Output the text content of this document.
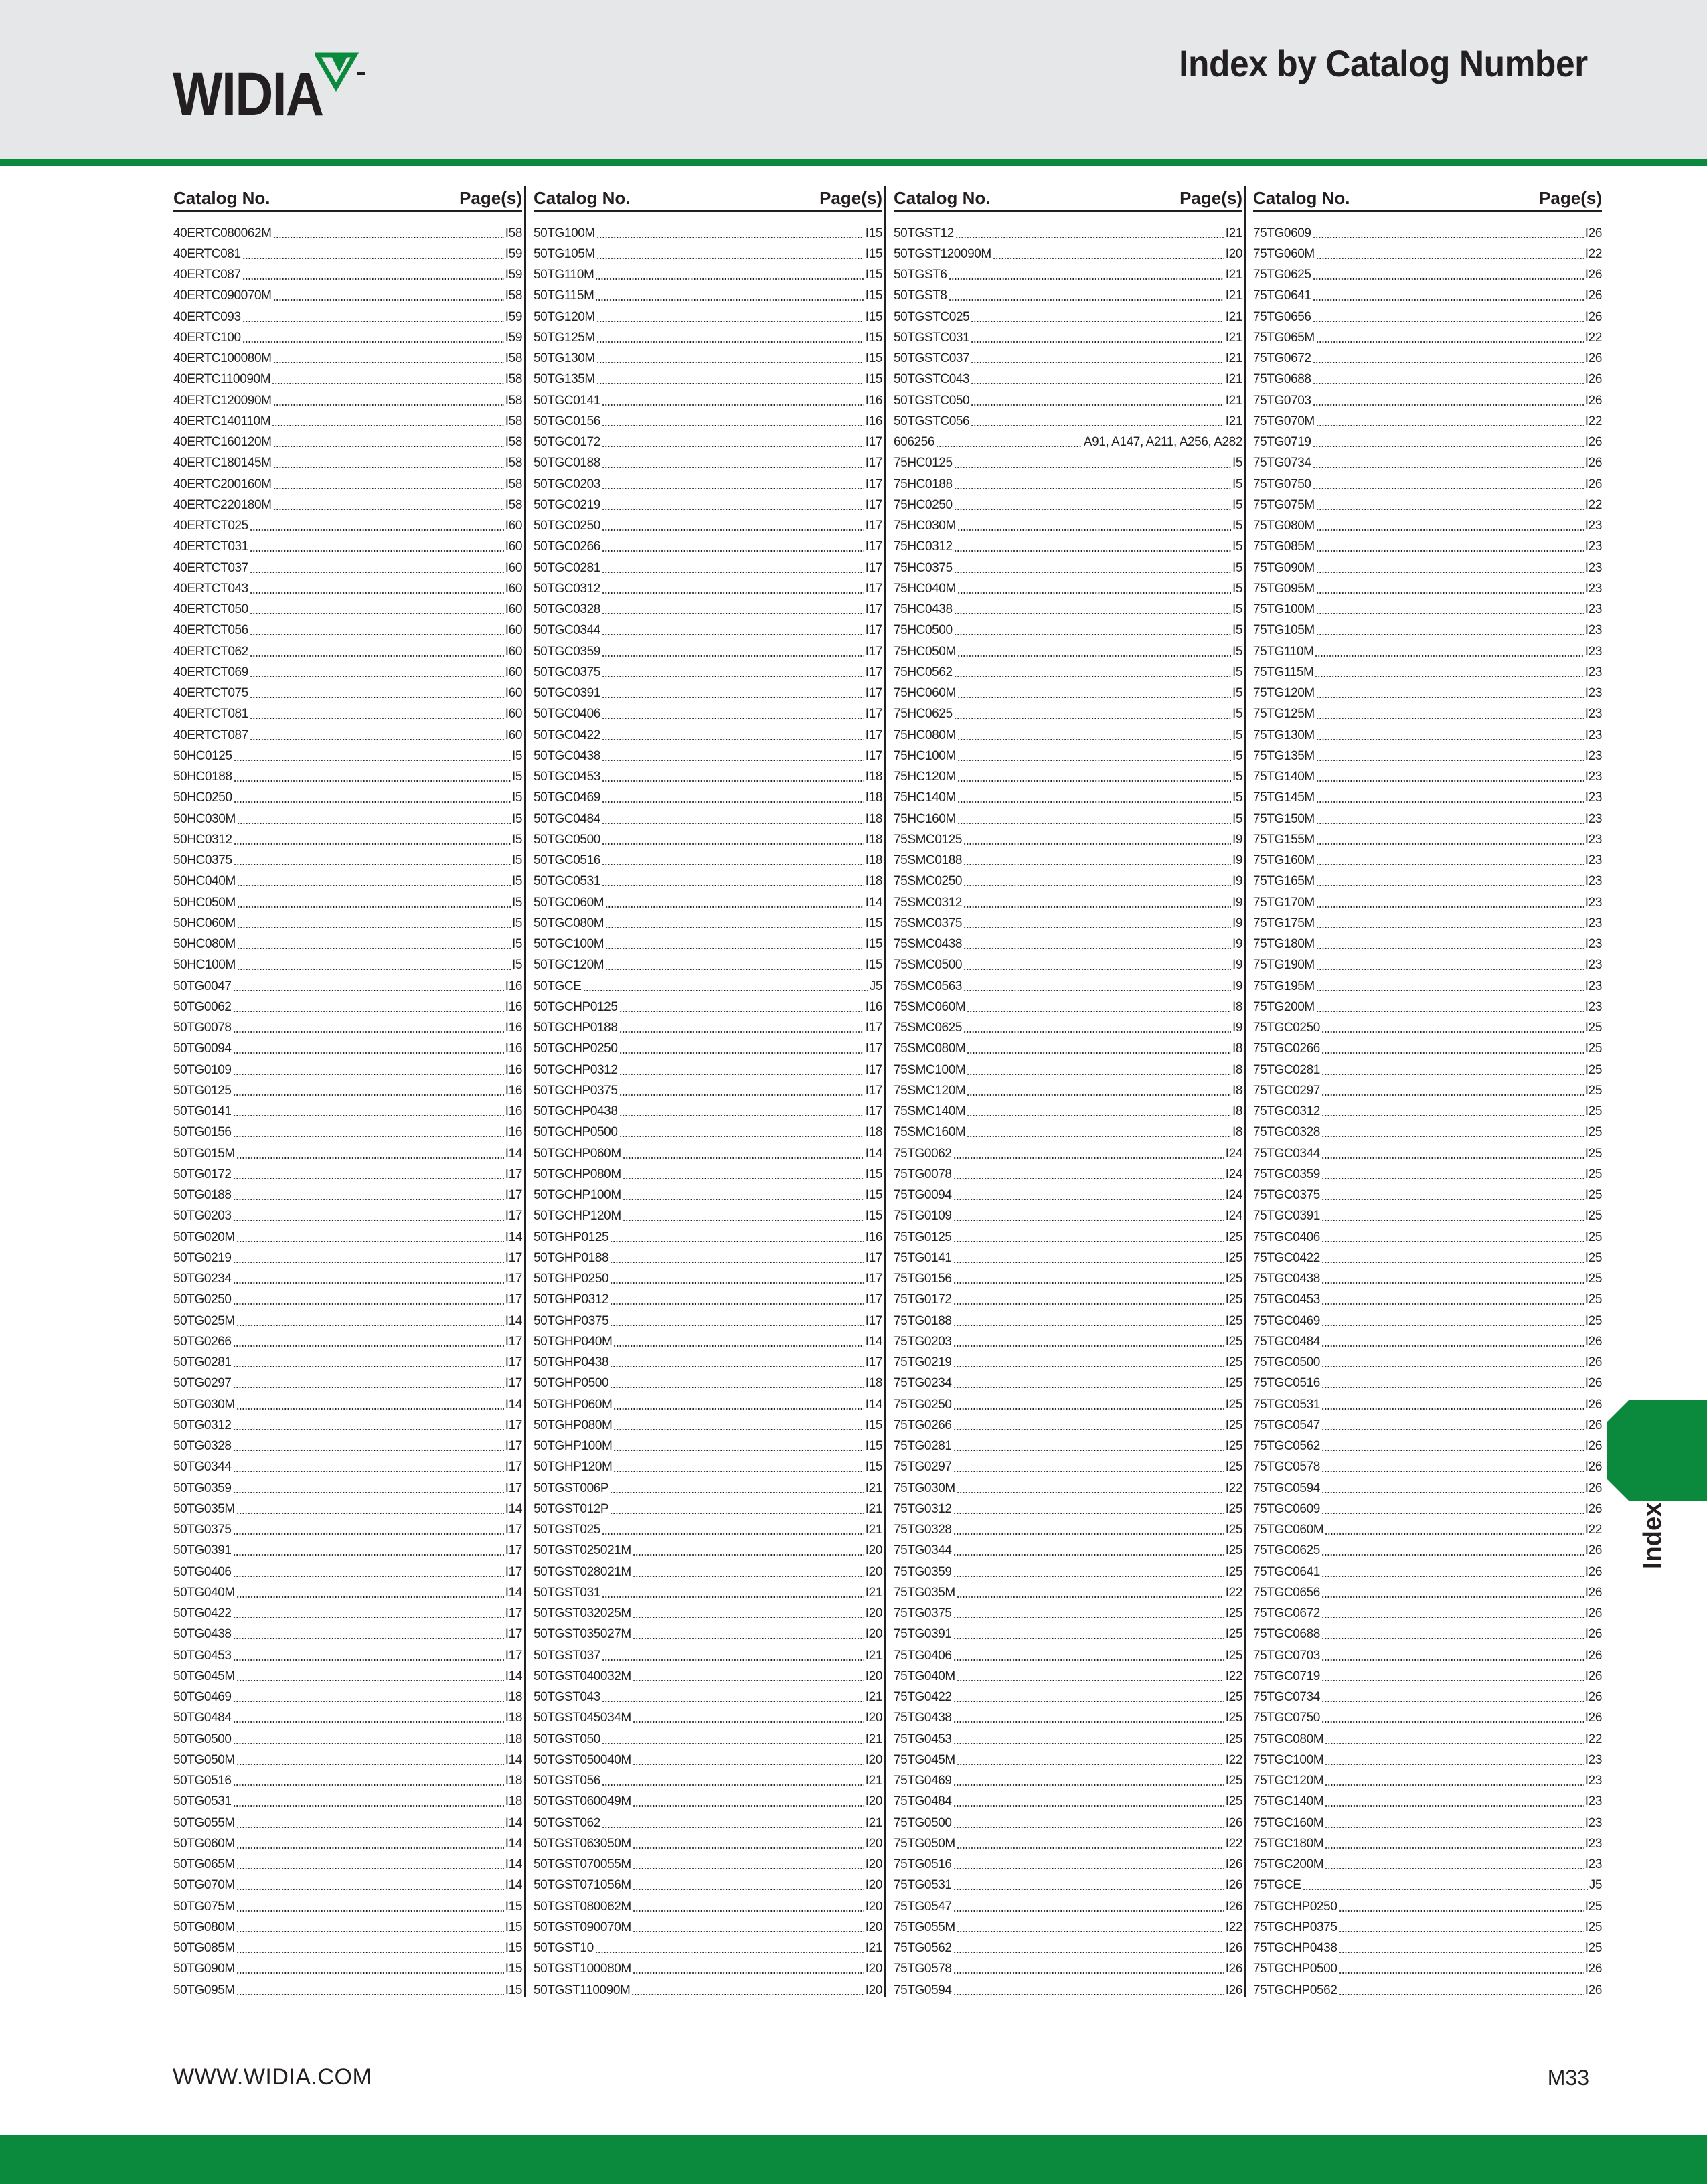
WIDIA	Index by Catalog Number
Catalog No.	Page(s)
40ERTC080062M	I58
40ERTC081	I59
40ERTC087	I59
40ERTC090070M	I58
40ERTC093	I59
40ERTC100	I59
40ERTC100080M	I58
40ERTC110090M	I58
40ERTC120090M	I58
40ERTC140110M	I58
40ERTC160120M	I58
40ERTC180145M	I58
40ERTC200160M	I58
40ERTC220180M	I58
40ERTCT025	I60
40ERTCT031	I60
40ERTCT037	I60
40ERTCT043	I60
40ERTCT050	I60
40ERTCT056	I60
40ERTCT062	I60
40ERTCT069	I60
40ERTCT075	I60
40ERTCT081	I60
40ERTCT087	I60
50HC0125	I5
50HC0188	I5
50HC0250	I5
50HC030M	I5
50HC0312	I5
50HC0375	I5
50HC040M	I5
50HC050M	I5
50HC060M	I5
50HC080M	I5
50HC100M	I5
50TG0047	I16
50TG0062	I16
50TG0078	I16
50TG0094	I16
50TG0109	I16
50TG0125	I16
50TG0141	I16
50TG0156	I16
50TG015M	I14
50TG0172	I17
50TG0188	I17
50TG0203	I17
50TG020M	I14
50TG0219	I17
50TG0234	I17
50TG0250	I17
50TG025M	I14
50TG0266	I17
50TG0281	I17
50TG0297	I17
50TG030M	I14
50TG0312	I17
50TG0328	I17
50TG0344	I17
50TG0359	I17
50TG035M	I14
50TG0375	I17
50TG0391	I17
50TG0406	I17
50TG040M	I14
50TG0422	I17
50TG0438	I17
50TG0453	I17
50TG045M	I14
50TG0469	I18
50TG0484	I18
50TG0500	I18
50TG050M	I14
50TG0516	I18
50TG0531	I18
50TG055M	I14
50TG060M	I14
50TG065M	I14
50TG070M	I14
50TG075M	I15
50TG080M	I15
50TG085M	I15
50TG090M	I15
50TG095M	I15
Catalog No.	Page(s)
50TG100M	I15
50TG105M	I15
50TG110M	I15
50TG115M	I15
50TG120M	I15
50TG125M	I15
50TG130M	I15
50TG135M	I15
50TGC0141	I16
50TGC0156	I16
50TGC0172	I17
50TGC0188	I17
50TGC0203	I17
50TGC0219	I17
50TGC0250	I17
50TGC0266	I17
50TGC0281	I17
50TGC0312	I17
50TGC0328	I17
50TGC0344	I17
50TGC0359	I17
50TGC0375	I17
50TGC0391	I17
50TGC0406	I17
50TGC0422	I17
50TGC0438	I17
50TGC0453	I18
50TGC0469	I18
50TGC0484	I18
50TGC0500	I18
50TGC0516	I18
50TGC0531	I18
50TGC060M	I14
50TGC080M	I15
50TGC100M	I15
50TGC120M	I15
50TGCE	J5
50TGCHP0125	I16
50TGCHP0188	I17
50TGCHP0250	I17
50TGCHP0312	I17
50TGCHP0375	I17
50TGCHP0438	I17
50TGCHP0500	I18
50TGCHP060M	I14
50TGCHP080M	I15
50TGCHP100M	I15
50TGCHP120M	I15
50TGHP0125	I16
50TGHP0188	I17
50TGHP0250	I17
50TGHP0312	I17
50TGHP0375	I17
50TGHP040M	I14
50TGHP0438	I17
50TGHP0500	I18
50TGHP060M	I14
50TGHP080M	I15
50TGHP100M	I15
50TGHP120M	I15
50TGST006P	I21
50TGST012P	I21
50TGST025	I21
50TGST025021M	I20
50TGST028021M	I20
50TGST031	I21
50TGST032025M	I20
50TGST035027M	I20
50TGST037	I21
50TGST040032M	I20
50TGST043	I21
50TGST045034M	I20
50TGST050	I21
50TGST050040M	I20
50TGST056	I21
50TGST060049M	I20
50TGST062	I21
50TGST063050M	I20
50TGST070055M	I20
50TGST071056M	I20
50TGST080062M	I20
50TGST090070M	I20
50TGST10	I21
50TGST100080M	I20
50TGST110090M	I20
Catalog No.	Page(s)
50TGST12	I21
50TGST120090M	I20
50TGST6	I21
50TGST8	I21
50TGSTC025	I21
50TGSTC031	I21
50TGSTC037	I21
50TGSTC043	I21
50TGSTC050	I21
50TGSTC056	I21
606256	A91, A147, A211, A256, A282
75HC0125	I5
75HC0188	I5
75HC0250	I5
75HC030M	I5
75HC0312	I5
75HC0375	I5
75HC040M	I5
75HC0438	I5
75HC0500	I5
75HC050M	I5
75HC0562	I5
75HC060M	I5
75HC0625	I5
75HC080M	I5
75HC100M	I5
75HC120M	I5
75HC140M	I5
75HC160M	I5
75SMC0125	I9
75SMC0188	I9
75SMC0250	I9
75SMC0312	I9
75SMC0375	I9
75SMC0438	I9
75SMC0500	I9
75SMC0563	I9
75SMC060M	I8
75SMC0625	I9
75SMC080M	I8
75SMC100M	I8
75SMC120M	I8
75SMC140M	I8
75SMC160M	I8
75TG0062	I24
75TG0078	I24
75TG0094	I24
75TG0109	I24
75TG0125	I25
75TG0141	I25
75TG0156	I25
75TG0172	I25
75TG0188	I25
75TG0203	I25
75TG0219	I25
75TG0234	I25
75TG0250	I25
75TG0266	I25
75TG0281	I25
75TG0297	I25
75TG030M	I22
75TG0312	I25
75TG0328	I25
75TG0344	I25
75TG0359	I25
75TG035M	I22
75TG0375	I25
75TG0391	I25
75TG0406	I25
75TG040M	I22
75TG0422	I25
75TG0438	I25
75TG0453	I25
75TG045M	I22
75TG0469	I25
75TG0484	I25
75TG0500	I26
75TG050M	I22
75TG0516	I26
75TG0531	I26
75TG0547	I26
75TG055M	I22
75TG0562	I26
75TG0578	I26
75TG0594	I26
Catalog No.	Page(s)
75TG0609	I26
75TG060M	I22
75TG0625	I26
75TG0641	I26
75TG0656	I26
75TG065M	I22
75TG0672	I26
75TG0688	I26
75TG0703	I26
75TG070M	I22
75TG0719	I26
75TG0734	I26
75TG0750	I26
75TG075M	I22
75TG080M	I23
75TG085M	I23
75TG090M	I23
75TG095M	I23
75TG100M	I23
75TG105M	I23
75TG110M	I23
75TG115M	I23
75TG120M	I23
75TG125M	I23
75TG130M	I23
75TG135M	I23
75TG140M	I23
75TG145M	I23
75TG150M	I23
75TG155M	I23
75TG160M	I23
75TG165M	I23
75TG170M	I23
75TG175M	I23
75TG180M	I23
75TG190M	I23
75TG195M	I23
75TG200M	I23
75TGC0250	I25
75TGC0266	I25
75TGC0281	I25
75TGC0297	I25
75TGC0312	I25
75TGC0328	I25
75TGC0344	I25
75TGC0359	I25
75TGC0375	I25
75TGC0391	I25
75TGC0406	I25
75TGC0422	I25
75TGC0438	I25
75TGC0453	I25
75TGC0469	I25
75TGC0484	I26
75TGC0500	I26
75TGC0516	I26
75TGC0531	I26
75TGC0547	I26
75TGC0562	I26
75TGC0578	I26
75TGC0594	I26
75TGC0609	I26
75TGC060M	I22
75TGC0625	I26
75TGC0641	I26
75TGC0656	I26
75TGC0672	I26
75TGC0688	I26
75TGC0703	I26
75TGC0719	I26
75TGC0734	I26
75TGC0750	I26
75TGC080M	I22
75TGC100M	I23
75TGC120M	I23
75TGC140M	I23
75TGC160M	I23
75TGC180M	I23
75TGC200M	I23
75TGCE	J5
75TGCHP0250	I25
75TGCHP0375	I25
75TGCHP0438	I25
75TGCHP0500	I26
75TGCHP0562	I26
Index
WWW.WIDIA.COM	M33
